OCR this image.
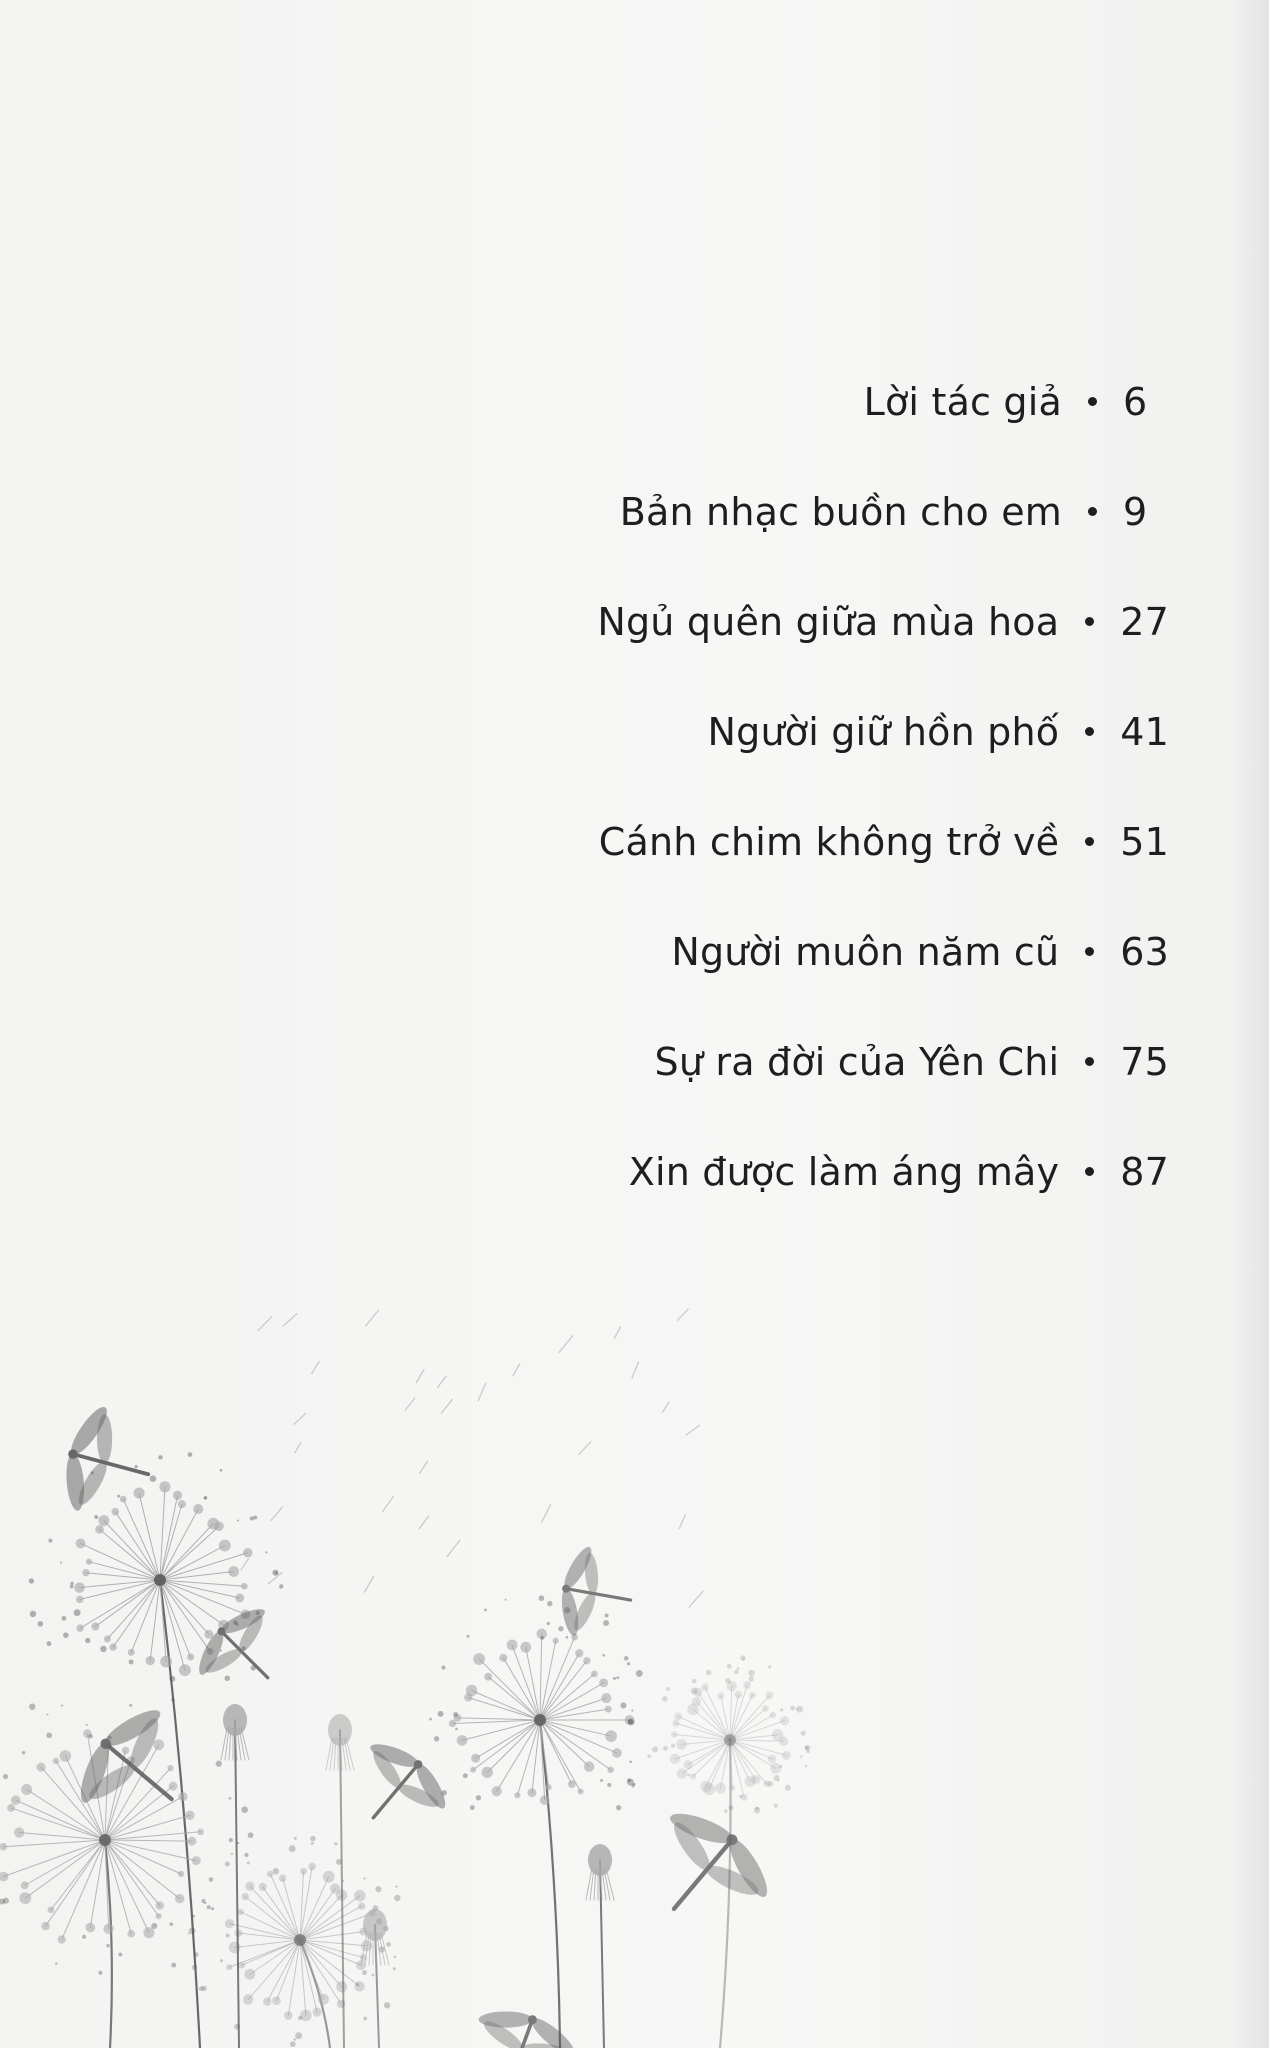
Lời tác giả 6
Bản nhạc buồn cho em 9
Ngủ quên giữa mùa hoa 27
Người giữ hồn phố 41
Cánh chim không trở về 51
Người muôn năm cũ 63
Sự ra đời của Yên Chi 75
Xin được làm áng mây 87
